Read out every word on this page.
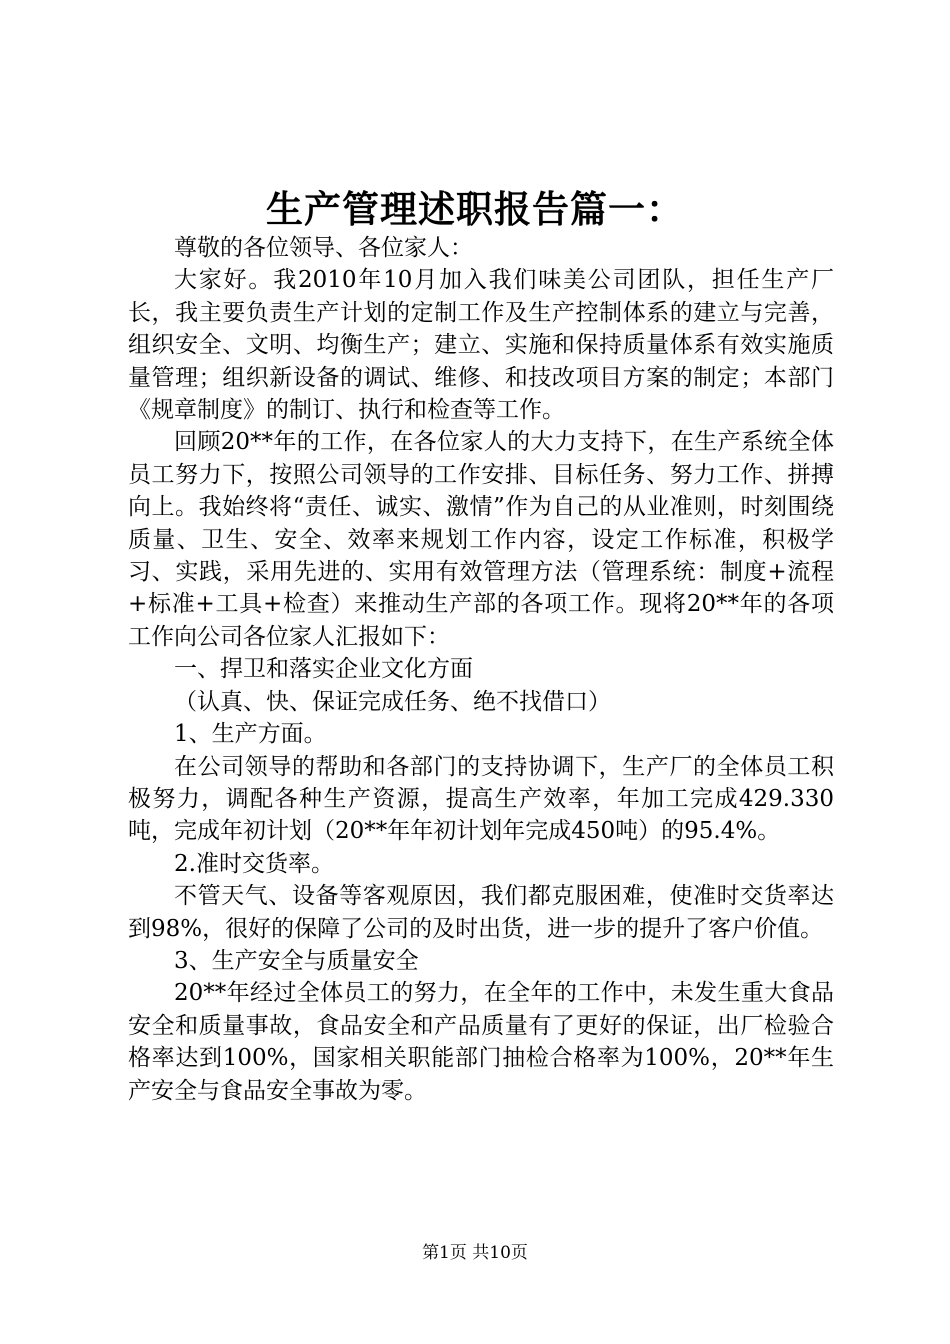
生产管理述职报告篇一：

尊敬的各位领导、各位家人：

大家好。我2010年10月加入我们味美公司团队，担任生产厂长，我主要负责生产计划的定制工作及生产控制体系的建立与完善，组织安全、文明、均衡生产；建立、实施和保持质量体系有效实施质量管理；组织新设备的调试、维修、和技改项目方案的制定；本部门《规章制度》的制订、执行和检查等工作。

回顾20**年的工作，在各位家人的大力支持下，在生产系统全体员工努力下，按照公司领导的工作安排、目标任务、努力工作、拼搏向上。我始终将“责任、诚实、激情”作为自己的从业准则，时刻围绕质量、卫生、安全、效率来规划工作内容，设定工作标准，积极学习、实践，采用先进的、实用有效管理方法（管理系统：制度+流程+标准+工具+检查）来推动生产部的各项工作。现将20**年的各项工作向公司各位家人汇报如下：

一、捍卫和落实企业文化方面

（认真、快、保证完成任务、绝不找借口）

1、生产方面。

在公司领导的帮助和各部门的支持协调下，生产厂的全体员工积极努力，调配各种生产资源，提高生产效率，年加工完成429.330吨，完成年初计划（20**年年初计划年完成450吨）的95.4%。

2.准时交货率。

不管天气、设备等客观原因，我们都克服困难，使准时交货率达到98%，很好的保障了公司的及时出货，进一步的提升了客户价值。

3、生产安全与质量安全

20**年经过全体员工的努力，在全年的工作中，未发生重大食品安全和质量事故，食品安全和产品质量有了更好的保证，出厂检验合格率达到100%，国家相关职能部门抽检合格率为100%，20**年生产安全与食品安全事故为零。

第1页 共10页
